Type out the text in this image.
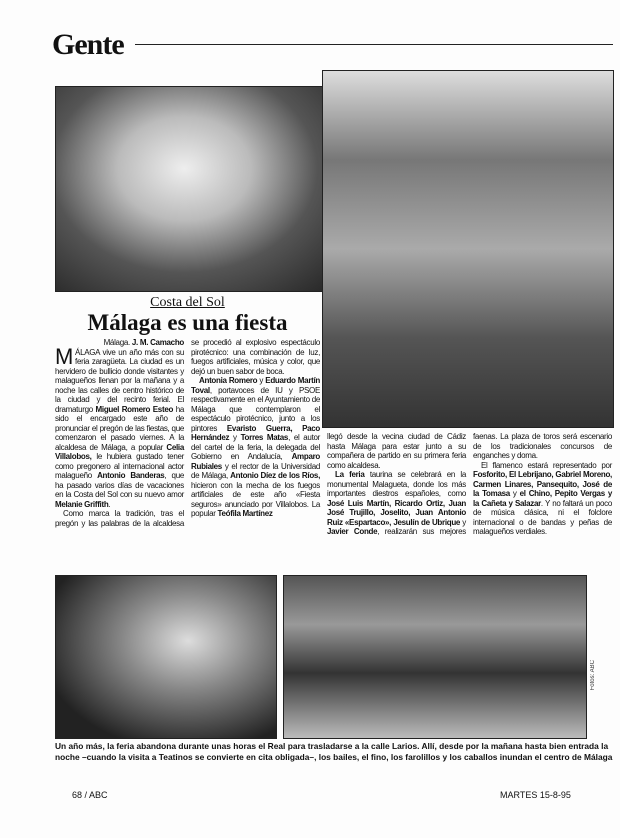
Gente
Costa del Sol
Málaga es una fiesta
Málaga. J. M. Camacho

MÁLAGA vive un año más con su feria zaragüeta. La ciudad es un hervidero de bullicio donde visitantes y malagueños llenan por la mañana y a noche las calles de centro histórico de la ciudad y del recinto ferial. El dramaturgo Miguel Romero Esteo ha sido el encargado este año de pronunciar el pregón de las fiestas, que comenzaron el pasado viernes. A la alcaldesa de Málaga, a popular Celia Villalobos, le hubiera gustado tener como pregonero al internacional actor malagueño Antonio Banderas, que ha pasado varios días de vacaciones en la Costa del Sol con su nuevo amor Melanie Griffith.

Como marca la tradición, tras el pregón y las palabras de la alcaldesa se procedió al explosivo espectáculo pirotécnico: una combinación de luz, fuegos artificiales, música y color, que dejó un buen sabor de boca.

Antonia Romero y Eduardo Martín Toval, portavoces de IU y PSOE respectivamente en el Ayuntamiento de Málaga que contemplaron el espectáculo pirotécnico, junto a los pintores Evaristo Guerra, Paco Hernández y Torres Matas, el autor del cartel de la feria, la delegada del Gobierno en Andalucía, Amparo Rubiales y el rector de la Universidad de Málaga, Antonio Díez de los Ríos, hicieron con la mecha de los fuegos artificiales de este año «Fiesta seguros» anunciado por Villalobos. La popular Teófila Martínez

llegó desde la vecina ciudad de Cádiz hasta Málaga para estar junto a su compañera de partido en su primera feria como alcaldesa.

La feria taurina se celebrará en la monumental Malagueta, donde los más importantes diestros españoles, como José Luis Martín, Ricardo Ortiz, Juan José Trujillo, Joselito, Juan Antonio Ruiz «Espartaco», Jesulín de Ubrique y Javier Conde, realizarán sus mejores faenas. La plaza de toros será escenario de los tradicionales concursos de enganches y doma.

El flamenco estará representado por Fosforito, El Lebrijano, Gabriel Moreno, Carmen Linares, Pansequito, José de la Tomasa y el Chino, Pepito Vergas y la Cañeta y Salazar. Y no faltará un poco de música clásica, ni el folclore internacional o de bandas y peñas de malagueños verdiales.

Fotos: ABC
Un año más, la feria abandona durante unas horas el Real para trasladarse a la calle Larios. Allí, desde por la mañana hasta bien entrada la noche –cuando la visita a Teatinos se convierte en cita obligada–, los bailes, el fino, los farolillos y los caballos inundan el centro de Málaga
68 / ABC	MARTES 15-8-95
